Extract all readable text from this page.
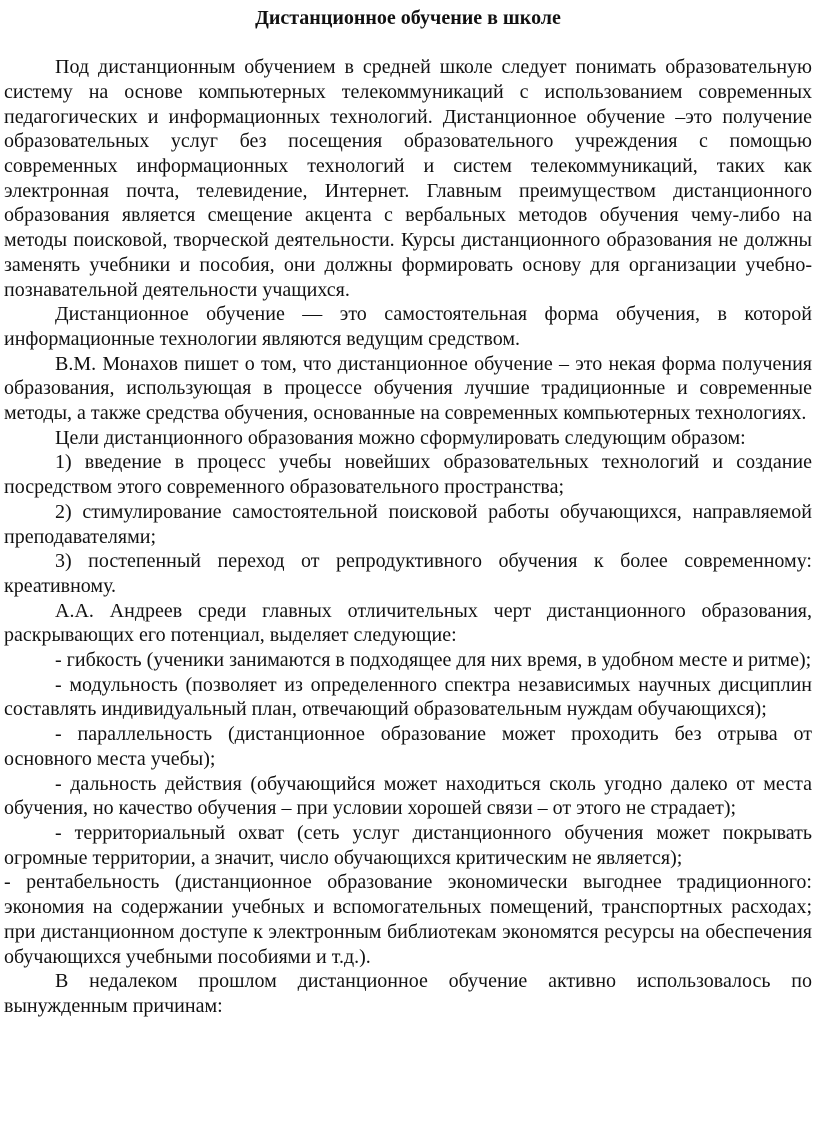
Дистанционное обучение в школе

Под дистанционным обучением в средней школе следует понимать образовательную систему на основе компьютерных телекоммуникаций с использованием современных педагогических и информационных технологий. Дистанционное обучение –это получение образовательных услуг без посещения образовательного учреждения с помощью современных информационных технологий и систем телекоммуникаций, таких как электронная почта, телевидение, Интернет. Главным преимуществом дистанционного образования является смещение акцента с вербальных методов обучения чему-либо на методы поисковой, творческой деятельности. Курсы дистанционного образования не должны заменять учебники и пособия, они должны формировать основу для организации учебно-познавательной деятельности учащихся.

Дистанционное обучение — это самостоятельная форма обучения, в которой информационные технологии являются ведущим средством.

В.М. Монахов пишет о том, что дистанционное обучение – это некая форма получения образования, использующая в процессе обучения лучшие традиционные и современные методы, а также средства обучения, основанные на современных компьютерных технологиях.

Цели дистанционного образования можно сформулировать следующим образом:

1) введение в процесс учебы новейших образовательных технологий и создание посредством этого современного образовательного пространства;

2) стимулирование самостоятельной поисковой работы обучающихся, направляемой преподавателями;

3) постепенный переход от репродуктивного обучения к более современному: креативному.

А.А. Андреев среди главных отличительных черт дистанционного образования, раскрывающих его потенциал, выделяет следующие:

- гибкость (ученики занимаются в подходящее для них время, в удобном месте и ритме);

- модульность (позволяет из определенного спектра независимых научных дисциплин составлять индивидуальный план, отвечающий образовательным нуждам обучающихся);

- параллельность (дистанционное образование может проходить без отрыва от основного места учебы);

- дальность действия (обучающийся может находиться сколь угодно далеко от места обучения, но качество обучения – при условии хорошей связи – от этого не страдает);

- территориальный охват (сеть услуг дистанционного обучения может покрывать огромные территории, а значит, число обучающихся критическим не является);

- рентабельность (дистанционное образование экономически выгоднее традиционного: экономия на содержании учебных и вспомогательных помещений, транспортных расходах; при дистанционном доступе к электронным библиотекам экономятся ресурсы на обеспечения обучающихся учебными пособиями и т.д.).

В недалеком прошлом дистанционное обучение активно использовалось по вынужденным причинам:
